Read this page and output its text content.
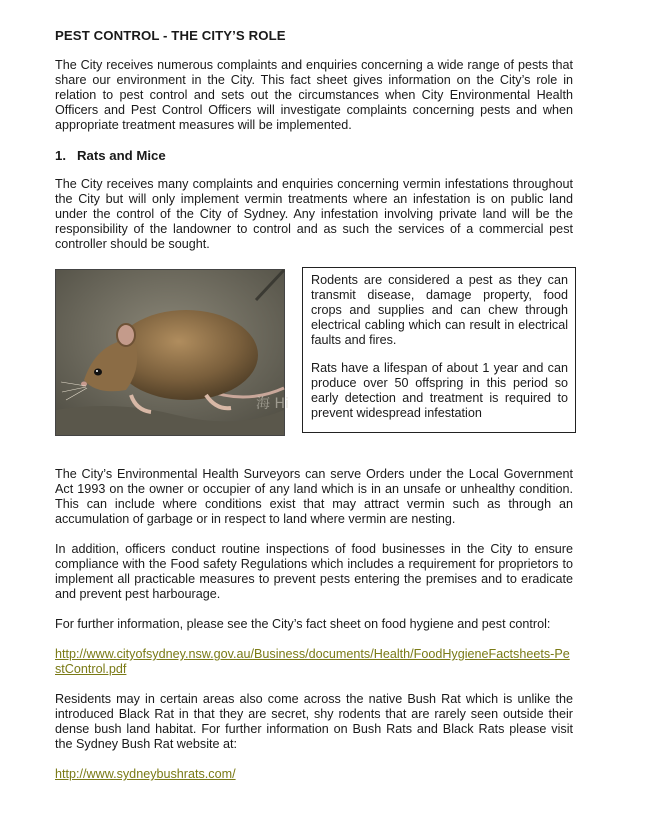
PEST CONTROL - THE CITY’S ROLE

The City receives numerous complaints and enquiries concerning a wide range of pests that share our environment in the City. This fact sheet gives information on the City’s role in relation to pest control and sets out the circumstances when City Environmental Health Officers and Pest Control Officers will investigate complaints concerning pests and when appropriate treatment measures will be implemented.

1. Rats and Mice

The City receives many complaints and enquiries concerning vermin infestations throughout the City but will only implement vermin treatments where an infestation is on public land under the control of the City of Sydney. Any infestation involving private land will be the responsibility of the landowner to control and as such the services of a commercial pest controller should be sought.

海 Hi

Rodents are considered a pest as they can transmit disease, damage property, food crops and supplies and can chew through electrical cabling which can result in electrical faults and fires.

Rats have a lifespan of about 1 year and can produce over 50 offspring in this period so early detection and treatment is required to prevent widespread infestation

The City’s Environmental Health Surveyors can serve Orders under the Local Government Act 1993 on the owner or occupier of any land which is in an unsafe or unhealthy condition. This can include where conditions exist that may attract vermin such as through an accumulation of garbage or in respect to land where vermin are nesting.

In addition, officers conduct routine inspections of food businesses in the City to ensure compliance with the Food safety Regulations which includes a requirement for proprietors to implement all practicable measures to prevent pests entering the premises and to eradicate and prevent pest harbourage.

For further information, please see the City’s fact sheet on food hygiene and pest control:

http://www.cityofsydney.nsw.gov.au/Business/documents/Health/FoodHygieneFactsheets-PestControl.pdf

Residents may in certain areas also come across the native Bush Rat which is unlike the introduced Black Rat in that they are secret, shy rodents that are rarely seen outside their dense bush land habitat. For further information on Bush Rats and Black Rats please visit the Sydney Bush Rat website at:

http://www.sydneybushrats.com/
